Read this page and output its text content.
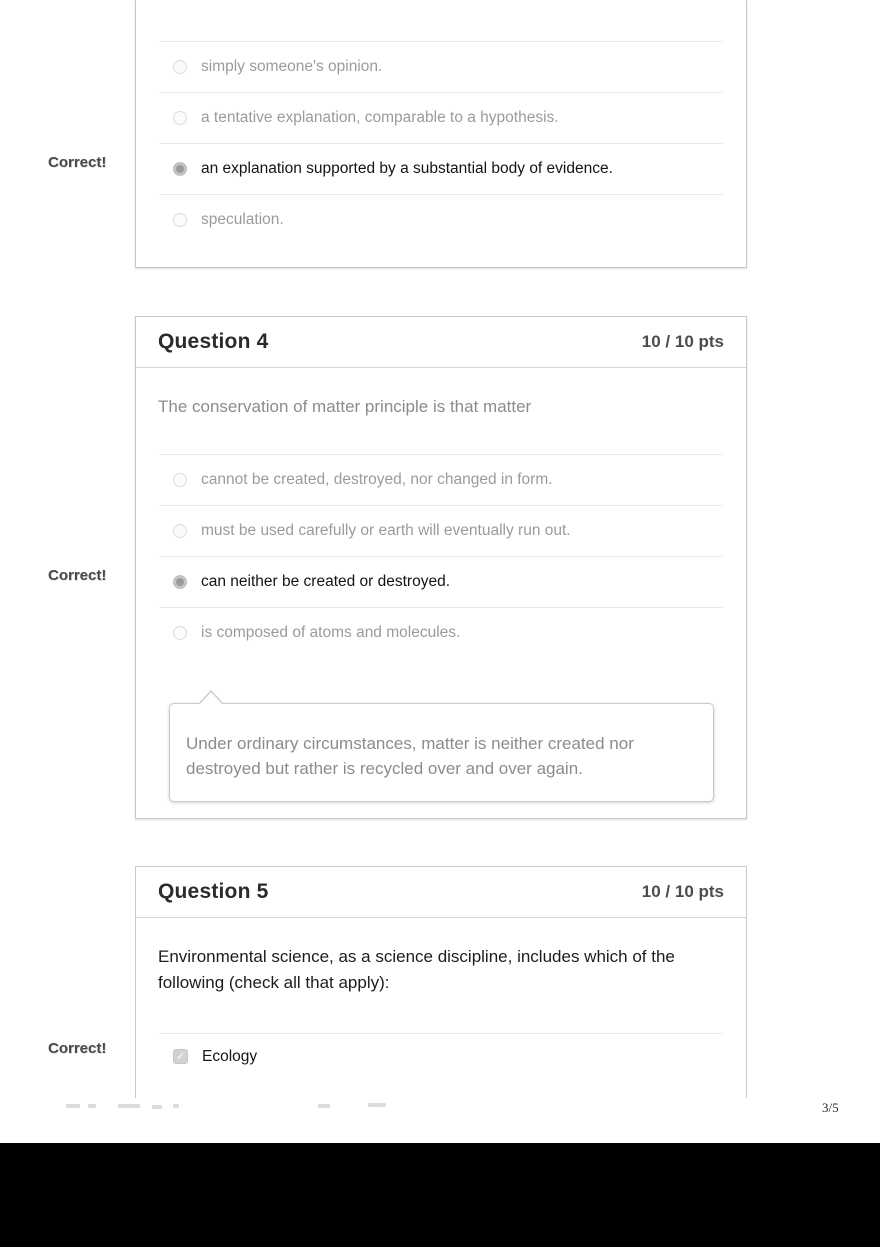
Correct!
Correct!
Correct!
simply someone's opinion.
a tentative explanation, comparable to a hypothesis.
an explanation supported by a substantial body of evidence.
speculation.
Question 4	10 / 10 pts
The conservation of matter principle is that matter
cannot be created, destroyed, nor changed in form.
must be used carefully or earth will eventually run out.
can neither be created or destroyed.
is composed of atoms and molecules.
Under ordinary circumstances, matter is neither created nor
destroyed but rather is recycled over and over again.
Question 5	10 / 10 pts
Environmental science, as a science discipline, includes which of the
following (check all that apply):
✓ Ecology
3/5
